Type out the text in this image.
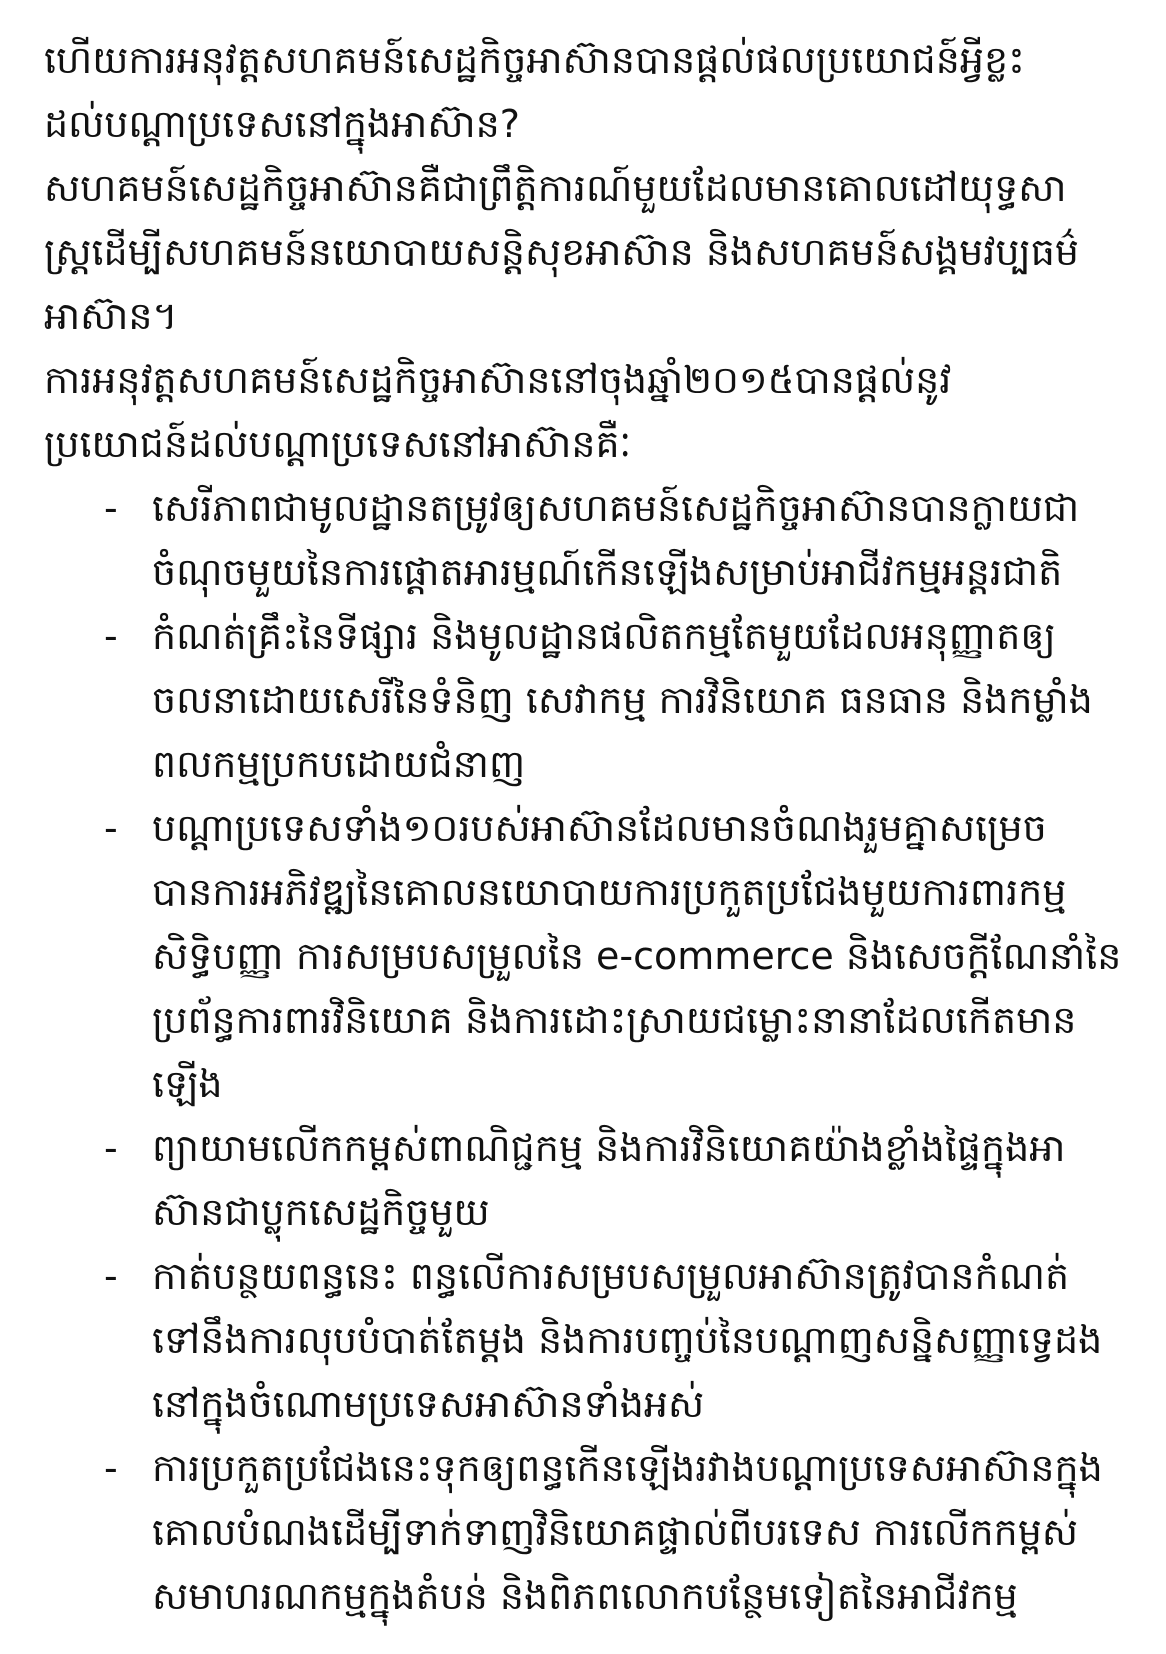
ហើយការអនុវត្តសហគមន៍សេដ្ឋកិច្ចអាស៊ានបានផ្តល់ផលប្រយោជន៍អ្វីខ្លះ

ដល់បណ្តាប្រទេសនៅក្នុងអាស៊ាន?

សហគមន៍សេដ្ឋកិច្ចអាស៊ានគឺជាព្រឹត្តិការណ៍មួយដែលមានគោលដៅយុទ្ធសា

ស្ត្រដើម្បីសហគមន៍នយោបាយសន្តិសុខអាស៊ាន និងសហគមន៍សង្គមវប្បធម៌

អាស៊ាន។

ការអនុវត្តសហគមន៍សេដ្ឋកិច្ចអាស៊ាននៅចុងឆ្នាំ២០១៥បានផ្តល់នូវ

ប្រយោជន៍ដល់បណ្តាប្រទេសនៅអាស៊ានគឺៈ

- សេរីភាពជាមូលដ្ឋានតម្រូវឲ្យសហគមន៍សេដ្ឋកិច្ចអាស៊ានបានក្លាយជា

ចំណុចមួយនៃការផ្តោតអារម្មណ៍កើនឡើងសម្រាប់អាជីវកម្មអន្តរជាតិ

- កំណត់គ្រឹះនៃទីផ្សារ និងមូលដ្ឋានផលិតកម្មតែមួយដែលអនុញ្ញាតឲ្យ

ចលនាដោយសេរីនៃទំនិញ សេវាកម្ម ការវិនិយោគ ធនធាន និងកម្លាំង

ពលកម្មប្រកបដោយជំនាញ

- បណ្តាប្រទេសទាំង១០របស់អាស៊ានដែលមានចំណងរួមគ្នាសម្រេច

បានការអភិវឌ្ឍនៃគោលនយោបាយការប្រកួតប្រជែងមួយការពារកម្ម

សិទ្ធិបញ្ញា ការសម្របសម្រួលនៃ e-commerce និងសេចក្តីណែនាំនៃ

ប្រព័ន្ធការពារវិនិយោគ និងការដោះស្រាយជម្លោះនានាដែលកើតមាន

ឡើង

- ព្យាយាមលើកកម្ពស់ពាណិជ្ជកម្ម និងការវិនិយោគយ៉ាងខ្លាំងផ្ទៃក្នុងអា

ស៊ានជាប្លុកសេដ្ឋកិច្ចមួយ

- កាត់បន្ថយពន្ធនេះ ពន្ធលើការសម្របសម្រួលអាស៊ានត្រូវបានកំណត់

ទៅនឹងការលុបបំបាត់តែម្តង និងការបញ្ចប់នៃបណ្តាញសន្និសញ្ញាទ្វេដង

នៅក្នុងចំណោមប្រទេសអាស៊ានទាំងអស់

- ការប្រកួតប្រជែងនេះទុកឲ្យពន្ធកើនឡើងរវាងបណ្តាប្រទេសអាស៊ានក្នុង

គោលបំណងដើម្បីទាក់ទាញវិនិយោគផ្ទាល់ពីបរទេស ការលើកកម្ពស់

សមាហរណកម្មក្នុងតំបន់ និងពិភពលោកបន្ថែមទៀតនៃអាជីវកម្ម
